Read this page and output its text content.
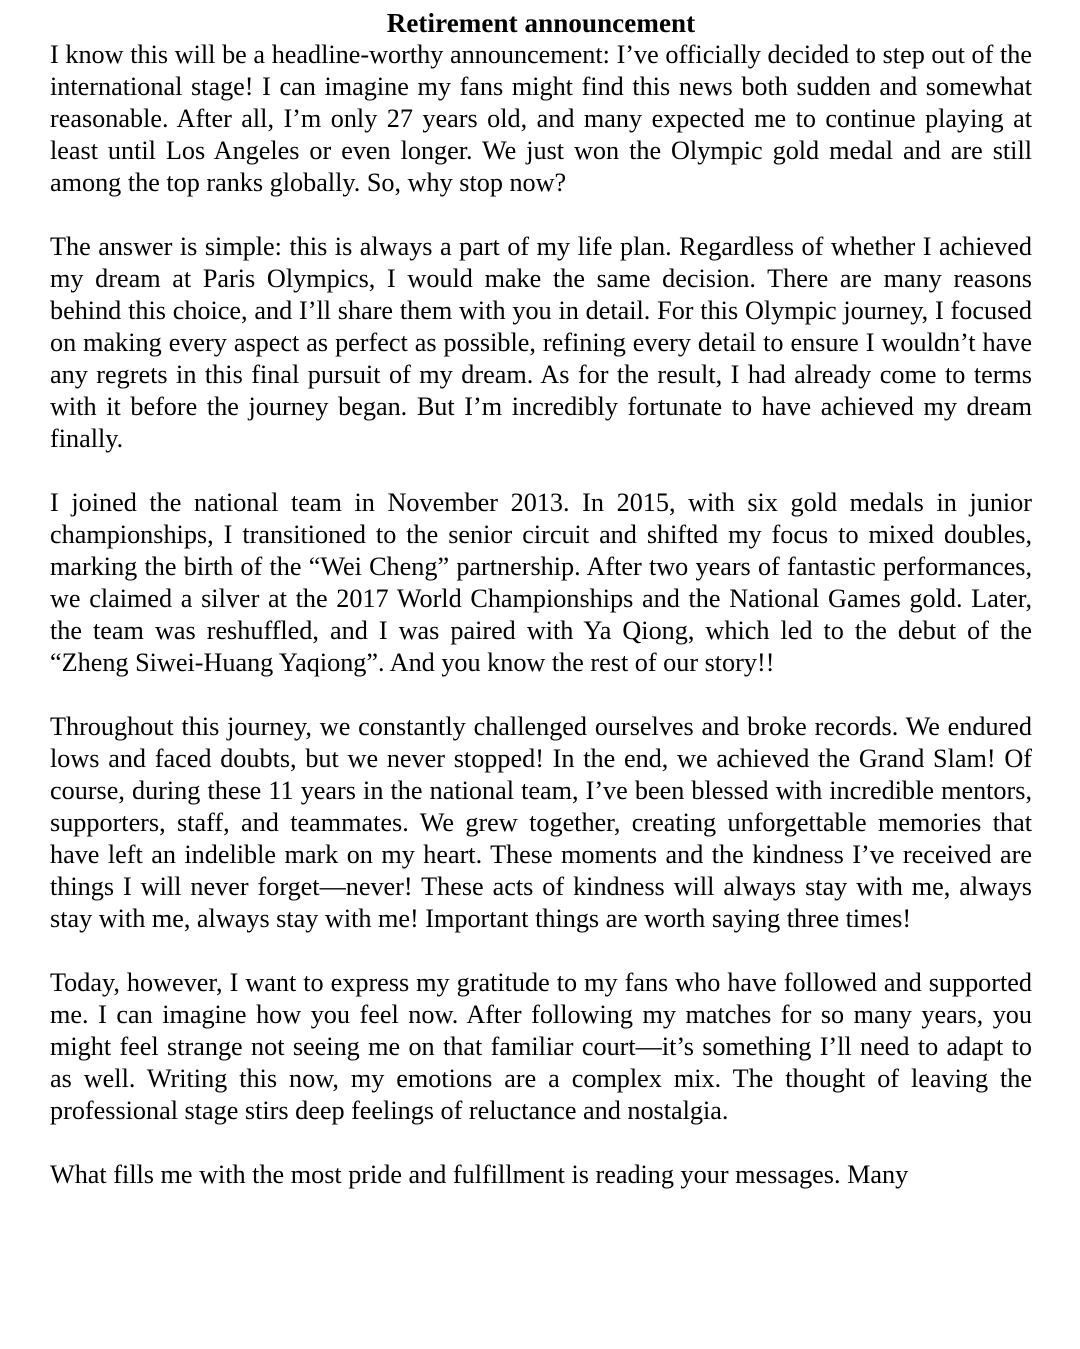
Retirement announcement

I know this will be a headline-worthy announcement: I’ve officially decided to step out of the international stage! I can imagine my fans might find this news both sudden and somewhat reasonable. After all, I’m only 27 years old, and many expected me to continue playing at least until Los Angeles or even longer. We just won the Olympic gold medal and are still among the top ranks globally. So, why stop now?

The answer is simple: this is always a part of my life plan. Regardless of whether I achieved my dream at Paris Olympics, I would make the same decision. There are many reasons behind this choice, and I’ll share them with you in detail. For this Olympic journey, I focused on making every aspect as perfect as possible, refining every detail to ensure I wouldn’t have any regrets in this final pursuit of my dream. As for the result, I had already come to terms with it before the journey began. But I’m incredibly fortunate to have achieved my dream finally.

I joined the national team in November 2013. In 2015, with six gold medals in junior championships, I transitioned to the senior circuit and shifted my focus to mixed doubles, marking the birth of the “Wei Cheng” partnership. After two years of fantastic performances, we claimed a silver at the 2017 World Championships and the National Games gold. Later, the team was reshuffled, and I was paired with Ya Qiong, which led to the debut of the “Zheng Siwei-Huang Yaqiong”. And you know the rest of our story!!

Throughout this journey, we constantly challenged ourselves and broke records. We endured lows and faced doubts, but we never stopped! In the end, we achieved the Grand Slam! Of course, during these 11 years in the national team, I’ve been blessed with incredible mentors, supporters, staff, and teammates. We grew together, creating unforgettable memories that have left an indelible mark on my heart. These moments and the kindness I’ve received are things I will never forget—never! These acts of kindness will always stay with me, always stay with me, always stay with me! Important things are worth saying three times!

Today, however, I want to express my gratitude to my fans who have followed and supported me. I can imagine how you feel now. After following my matches for so many years, you might feel strange not seeing me on that familiar court—it’s something I’ll need to adapt to as well. Writing this now, my emotions are a complex mix. The thought of leaving the professional stage stirs deep feelings of reluctance and nostalgia.

What fills me with the most pride and fulfillment is reading your messages. Many
